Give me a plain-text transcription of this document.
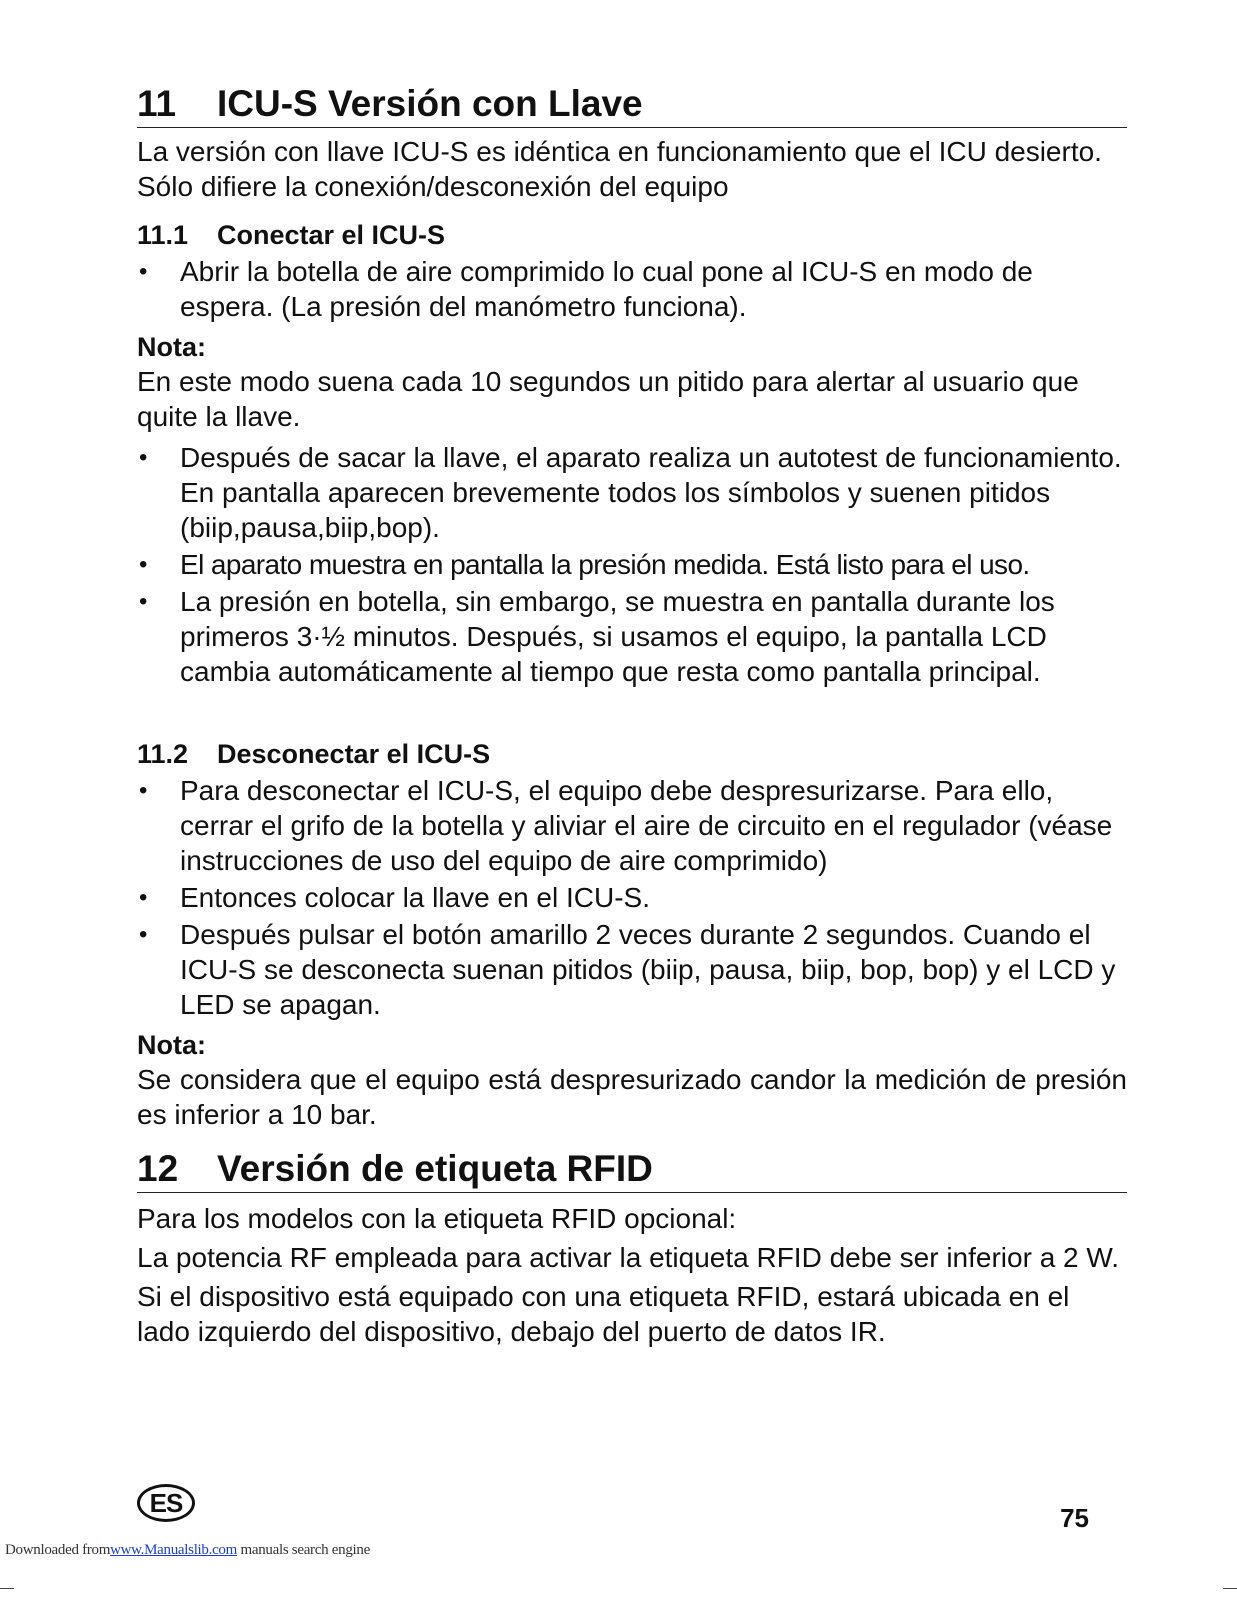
11 ICU-S Versión con Llave

La versión con llave ICU-S es idéntica en funcionamiento que el ICU desierto. Sólo difiere la conexión/desconexión del equipo

11.1 Conectar el ICU-S
• Abrir la botella de aire comprimido lo cual pone al ICU-S en modo de espera. (La presión del manómetro funciona).
Nota:

En este modo suena cada 10 segundos un pitido para alertar al usuario que quite la llave.

• Después de sacar la llave, el aparato realiza un autotest de funcionamiento. En pantalla aparecen brevemente todos los símbolos y suenen pitidos (biip,pausa,biip,bop).
• El aparato muestra en pantalla la presión medida. Está listo para el uso.
• La presión en botella, sin embargo, se muestra en pantalla durante los primeros 3·½ minutos. Después, si usamos el equipo, la pantalla LCD cambia automáticamente al tiempo que resta como pantalla principal.
11.2 Desconectar el ICU-S
• Para desconectar el ICU-S, el equipo debe despresurizarse. Para ello, cerrar el grifo de la botella y aliviar el aire de circuito en el regulador (véase instrucciones de uso del equipo de aire comprimido)
• Entonces colocar la llave en el ICU-S.
• Después pulsar el botón amarillo 2 veces durante 2 segundos. Cuando el ICU-S se desconecta suenan pitidos (biip, pausa, biip, bop, bop) y el LCD y LED se apagan.
Nota:

Se considera que el equipo está despresurizado candor la medición de presión es inferior a 10 bar.

12 Versión de etiqueta RFID

Para los modelos con la etiqueta RFID opcional:

La potencia RF empleada para activar la etiqueta RFID debe ser inferior a 2 W.

Si el dispositivo está equipado con una etiqueta RFID, estará ubicada en el lado izquierdo del dispositivo, debajo del puerto de datos IR.

ES
75
Downloaded fromwww.Manualslib.com manuals search engine
